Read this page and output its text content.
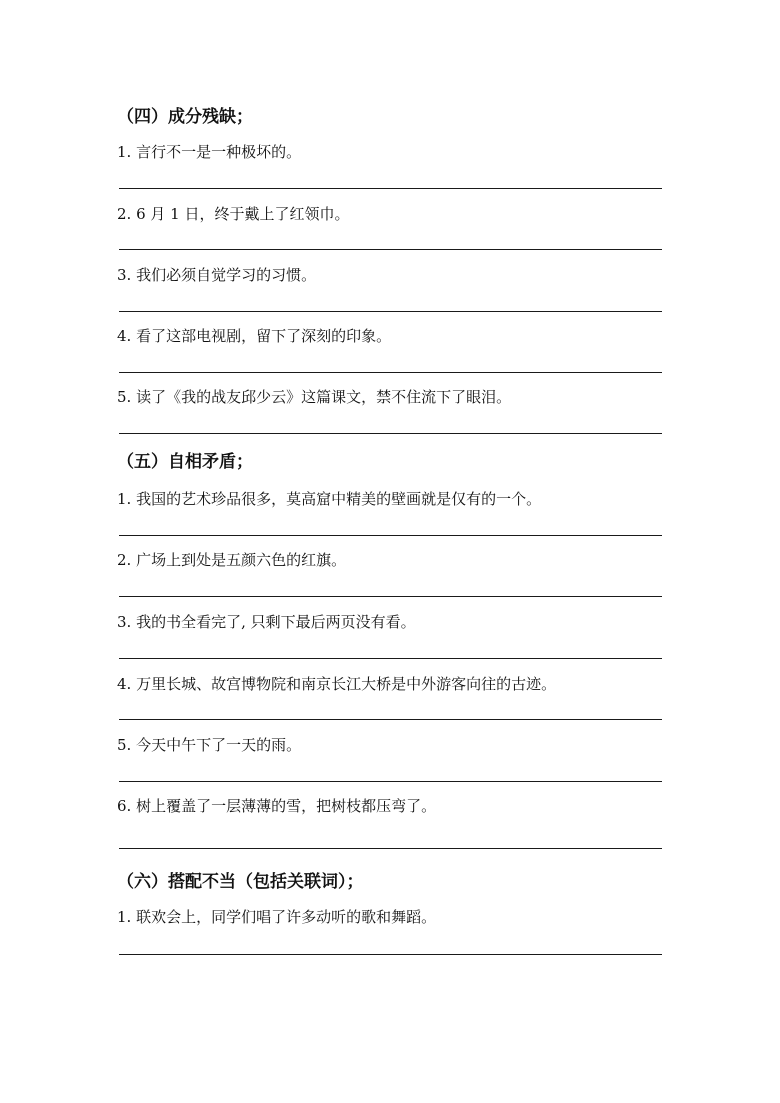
（四）成分残缺；
1. 言行不一是一种极坏的。
2. 6 月 1 日，终于戴上了红领巾。
3. 我们必须自觉学习的习惯。
4. 看了这部电视剧，留下了深刻的印象。
5. 读了《我的战友邱少云》这篇课文，禁不住流下了眼泪。
（五）自相矛盾；
1. 我国的艺术珍品很多，莫高窟中精美的壁画就是仅有的一个。
2. 广场上到处是五颜六色的红旗。
3. 我的书全看完了, 只剩下最后两页没有看。
4. 万里长城、故宫博物院和南京长江大桥是中外游客向往的古迹。
5. 今天中午下了一天的雨。
6. 树上覆盖了一层薄薄的雪，把树枝都压弯了。
（六）搭配不当（包括关联词）；
1. 联欢会上，同学们唱了许多动听的歌和舞蹈。
